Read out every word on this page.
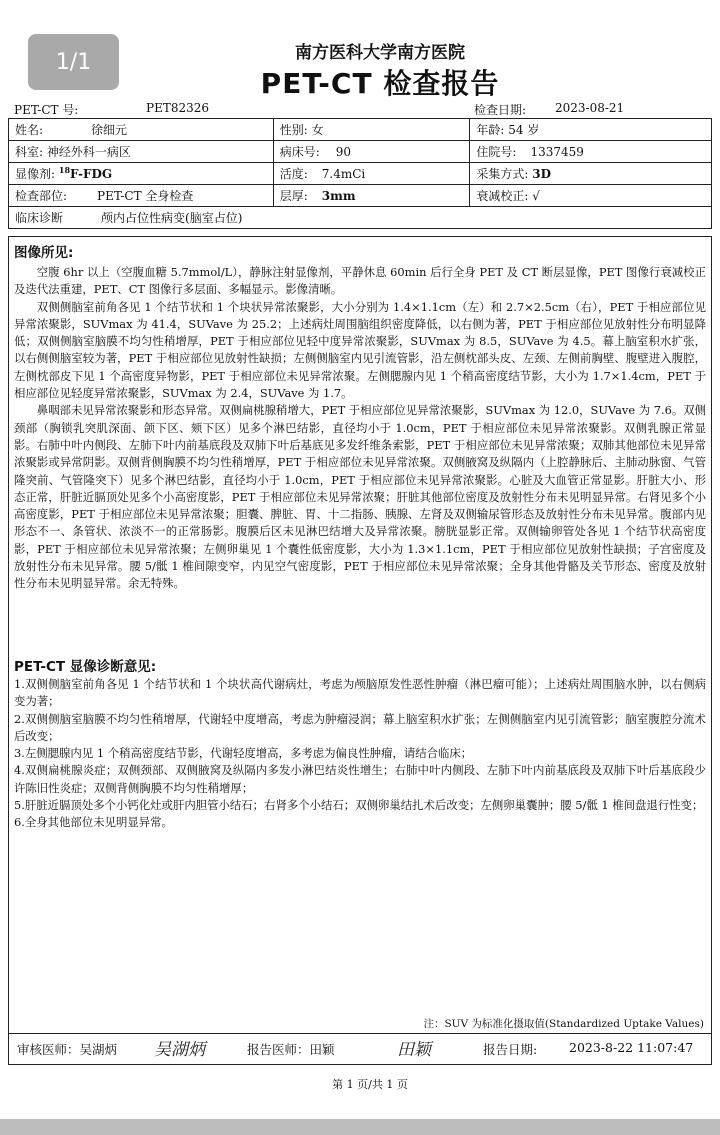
1/1	南方医科大学南方医院
PET-CT 检查报告
PET-CT 号:	PET82326	检查日期: 2023-08-21
姓名: 徐细元	性别: 女	年龄: 54 岁
科室: 神经外科一病区	病床号: 90	住院号: 1337459
显像剂: $^{18}$F-FDG	活度: 7.4mCi	采集方式: 3D
检查部位: PET-CT 全身检查	层厚: 3mm	衰减校正: √
临床诊断 颅内占位性病变(脑室占位)		
图像所见:

空腹 6hr 以上（空腹血糖 5.7mmol/L），静脉注射显像剂，平静休息 60min 后行全身 PET 及 CT 断层显像，PET 图像行衰减校正及迭代法重建，PET、CT 图像行多层面、多幅显示。影像清晰。

双侧侧脑室前角各见 1 个结节状和 1 个块状异常浓聚影，大小分别为 1.4×1.1cm（左）和 2.7×2.5cm（右），PET 于相应部位见异常浓聚影，SUVmax 为 41.4，SUVave 为 25.2；上述病灶周围脑组织密度降低，以右侧为著，PET 于相应部位见放射性分布明显降低；双侧侧脑室脑膜不均匀性稍增厚，PET 于相应部位见轻中度异常浓聚影，SUVmax 为 8.5，SUVave 为 4.5。幕上脑室积水扩张，以右侧侧脑室较为著，PET 于相应部位见放射性缺损；左侧侧脑室内见引流管影，沿左侧枕部头皮、左颈、左侧前胸壁、腹壁进入腹腔，左侧枕部皮下见 1 个高密度异物影，PET 于相应部位未见异常浓聚。左侧腮腺内见 1 个稍高密度结节影，大小为 1.7×1.4cm，PET 于相应部位见轻度异常浓聚影，SUVmax 为 2.4，SUVave 为 1.7。

鼻咽部未见异常浓聚影和形态异常。双侧扁桃腺稍增大，PET 于相应部位见异常浓聚影，SUVmax 为 12.0，SUVave 为 7.6。双侧颈部（胸锁乳突肌深面、颌下区、颏下区）见多个淋巴结影，直径均小于 1.0cm，PET 于相应部位未见异常浓聚影。双侧乳腺正常显影。右肺中叶内侧段、左肺下叶内前基底段及双肺下叶后基底见多发纤维条索影，PET 于相应部位未见异常浓聚；双肺其他部位未见异常浓聚影或异常阴影。双侧背侧胸膜不均匀性稍增厚，PET 于相应部位未见异常浓聚。双侧腋窝及纵隔内（上腔静脉后、主肺动脉窗、气管隆突前、气管隆突下）见多个淋巴结影，直径均小于 1.0cm，PET 于相应部位未见异常浓聚影。心脏及大血管正常显影。肝脏大小、形态正常，肝脏近膈顶处见多个小高密度影，PET 于相应部位未见异常浓聚；肝脏其他部位密度及放射性分布未见明显异常。右肾见多个小高密度影，PET 于相应部位未见异常浓聚；胆囊、脾脏、胃、十二指肠、胰腺、左肾及双侧输尿管形态及放射性分布未见异常。腹部内见形态不一、条管状、浓淡不一的正常肠影。腹膜后区未见淋巴结增大及异常浓聚。膀胱显影正常。双侧输卵管处各见 1 个结节状高密度影，PET 于相应部位未见异常浓聚；左侧卵巢见 1 个囊性低密度影，大小为 1.3×1.1cm，PET 于相应部位见放射性缺损；子宫密度及放射性分布未见异常。腰 5/骶 1 椎间隙变窄，内见空气密度影，PET 于相应部位未见异常浓聚；全身其他骨骼及关节形态、密度及放射性分布未见明显异常。余无特殊。

PET-CT 显像诊断意见:

1.双侧侧脑室前角各见 1 个结节状和 1 个块状高代谢病灶，考虑为颅脑原发性恶性肿瘤（淋巴瘤可能）；上述病灶周围脑水肿，以右侧病变为著；

2.双侧侧脑室脑膜不均匀性稍增厚，代谢轻中度增高，考虑为肿瘤浸润；幕上脑室积水扩张；左侧侧脑室内见引流管影；脑室腹腔分流术后改变；

3.左侧腮腺内见 1 个稍高密度结节影，代谢轻度增高，多考虑为偏良性肿瘤，请结合临床；

4.双侧扁桃腺炎症；双侧颈部、双侧腋窝及纵隔内多发小淋巴结炎性增生；右肺中叶内侧段、左肺下叶内前基底段及双肺下叶后基底段少许陈旧性炎症；双侧背侧胸膜不均匀性稍增厚；

5.肝脏近膈顶处多个小钙化灶或肝内胆管小结石；右肾多个小结石；双侧卵巢结扎术后改变；左侧卵巢囊肿；腰 5/骶 1 椎间盘退行性变；

6.全身其他部位未见明显异常。

注：SUV 为标准化摄取值(Standardized Uptake Values)
审核医师：吴湖炳 吴湖炳	报告医师：田颖	田颖	报告日期:	2023-8-22 11:07:47
第 1 页/共 1 页
